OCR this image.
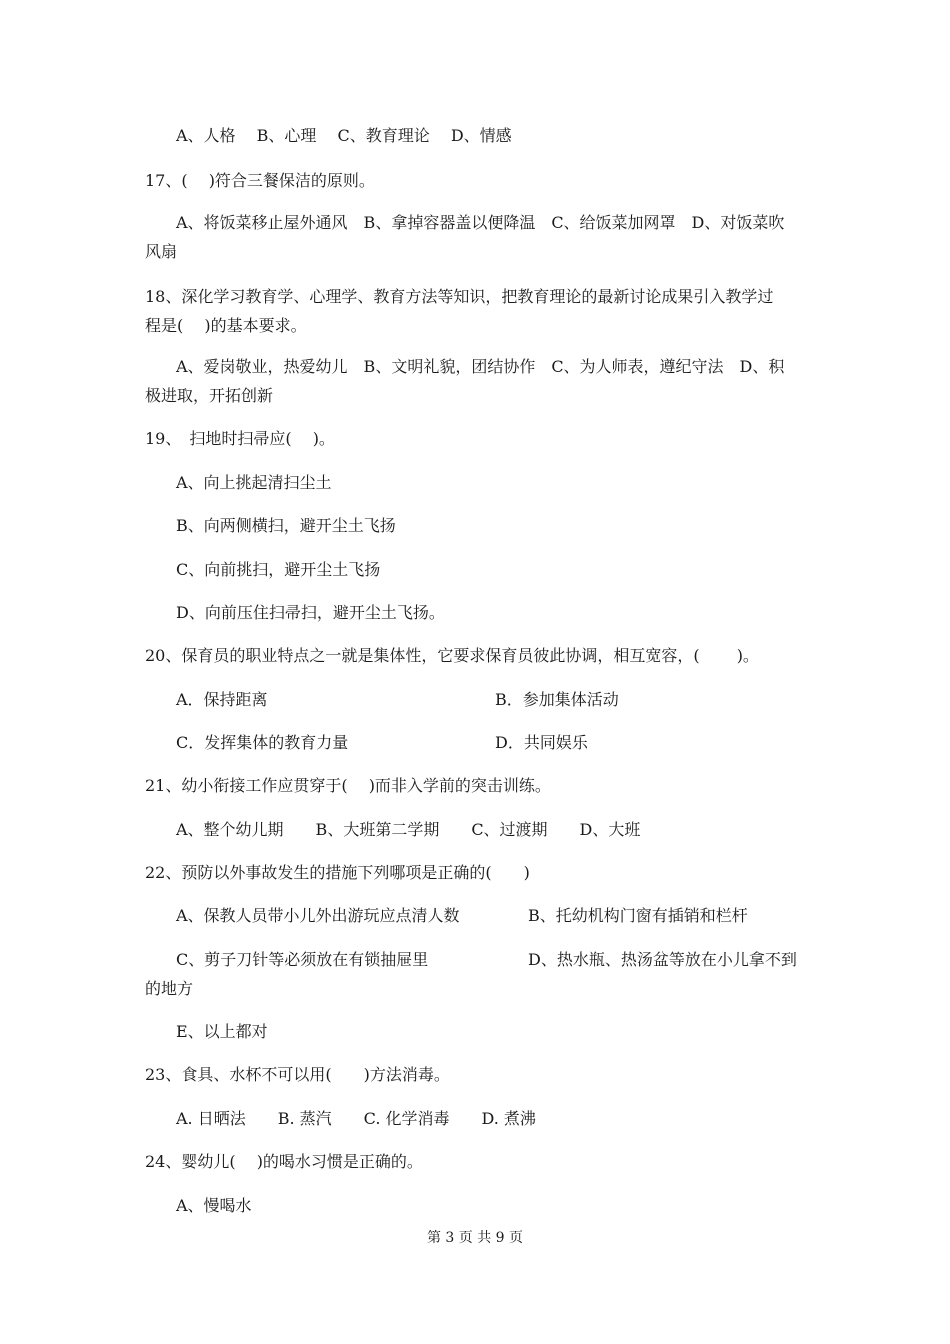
A、人格　 B、心理　 C、教育理论　 D、情感
17、(　 )符合三餐保洁的原则。
A、将饭菜移止屋外通风　B、拿掉容器盖以便降温　C、给饭菜加网罩　D、对饭菜吹
风扇
18、深化学习教育学、心理学、教育方法等知识，把教育理论的最新讨论成果引入教学过
程是(　 )的基本要求。
A、爱岗敬业，热爱幼儿　B、文明礼貌，团结协作　C、为人师表，遵纪守法　D、积
极进取，开拓创新
19、　扫地时扫帚应(　 )。
A、向上挑起清扫尘土
B、向两侧横扫，避开尘土飞扬
C、向前挑扫，避开尘土飞扬
D、向前压住扫帚扫，避开尘土飞扬。
20、保育员的职业特点之一就是集体性，它要求保育员彼此协调，相互宽容，(　　 )。
A．保持距离	B．参加集体活动
C．发挥集体的教育力量	D．共同娱乐
21、幼小衔接工作应贯穿于(　 )而非入学前的突击训练。
A、整个幼儿期　　B、大班第二学期　　C、过渡期　　D、大班
22、预防以外事故发生的措施下列哪项是正确的(　　)
A、保教人员带小儿外出游玩应点清人数	B、托幼机构门窗有插销和栏杆
C、剪子刀针等必须放在有锁抽屉里	D、热水瓶、热汤盆等放在小儿拿不到
的地方
E、以上都对
23、食具、水杯不可以用(　　)方法消毒。
A. 日晒法　　B. 蒸汽　　C. 化学消毒　　D. 煮沸
24、婴幼儿(　 )的喝水习惯是正确的。
A、慢喝水
第 3 页 共 9 页
